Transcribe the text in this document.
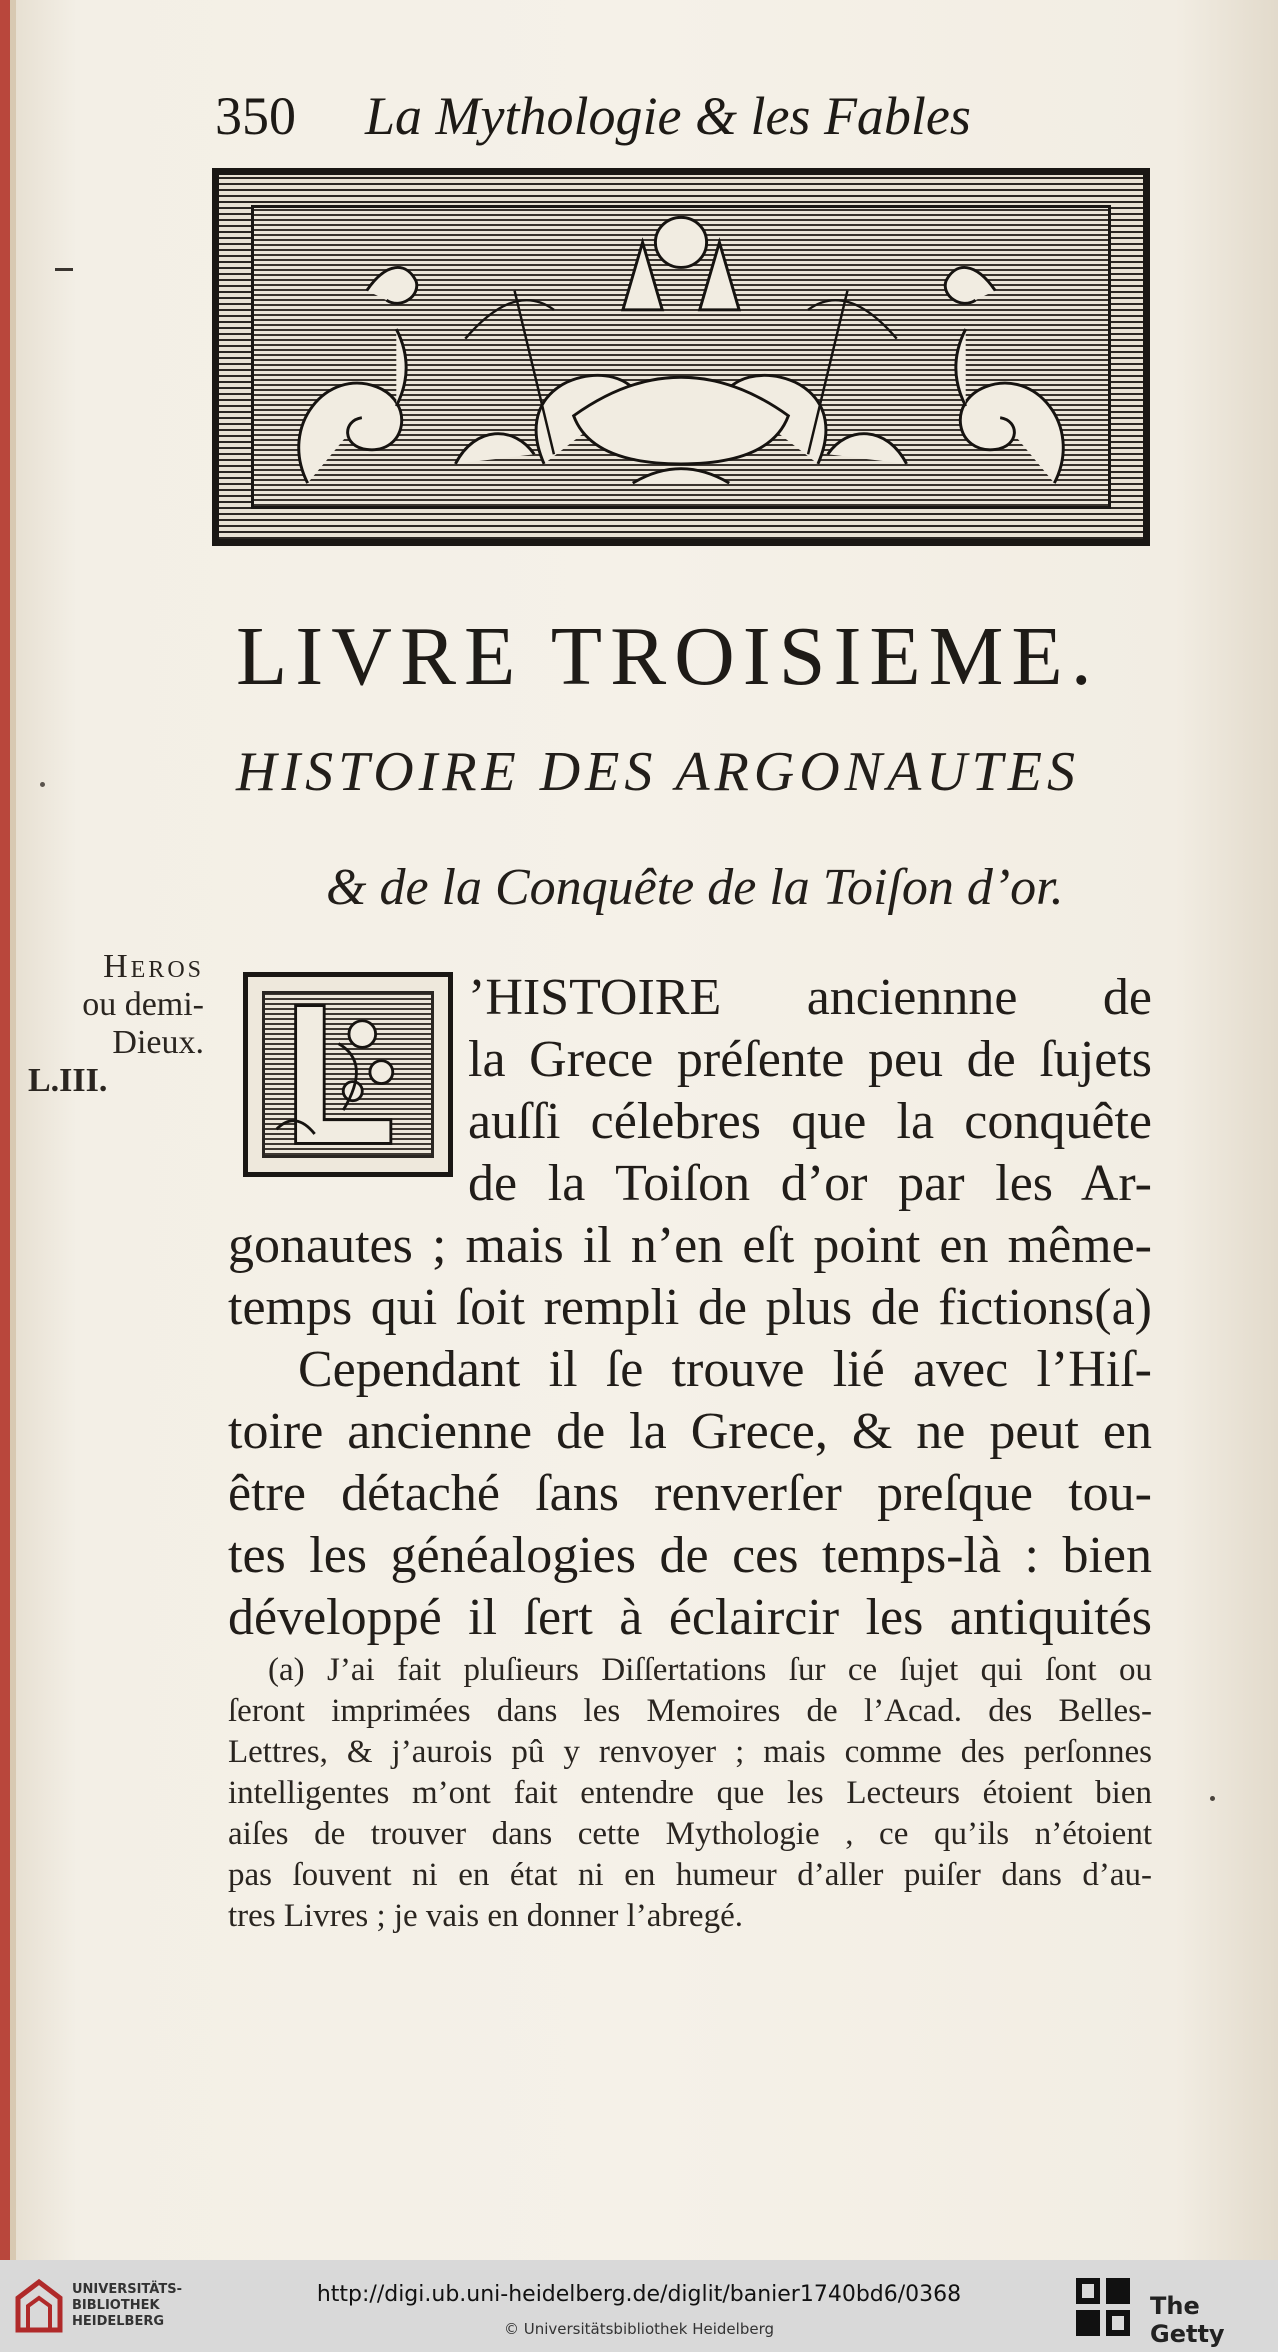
350 La Mythologie & les Fables
LIVRE TROISIEME.
HISTOIRE DES ARGONAUTES
& de la Conquête de la Toiſon d’or.
Heros
ou demi-
Dieux.
L.III.
’HISTOIRE anciennne de
la Grece préſente peu de ſujets
auſſi célebres que la conquête
de la Toiſon d’or par les Ar-
gonautes ; mais il n’en eſt point en même-
temps qui ſoit rempli de plus de fictions(a)
Cependant il ſe trouve lié avec l’Hiſ-
toire ancienne de la Grece, & ne peut en
être détaché ſans renverſer preſque tou-
tes les généalogies de ces temps-là : bien
développé il ſert à éclaircir les antiquités
(a) J’ai fait pluſieurs Diſſertations ſur ce ſujet qui ſont ou
ſeront imprimées dans les Memoires de l’Acad. des Belles-
Lettres, & j’aurois pû y renvoyer ; mais comme des perſonnes
intelligentes m’ont fait entendre que les Lecteurs étoient bien
aiſes de trouver dans cette Mythologie , ce qu’ils n’étoient
pas ſouvent ni en état ni en humeur d’aller puiſer dans d’au-
tres Livres ; je vais en donner l’abregé.
UNIVERSITÄTS-
BIBLIOTHEK
HEIDELBERG
http://digi.ub.uni-heidelberg.de/diglit/banier1740bd6/0368
© Universitätsbibliothek Heidelberg
The Getty
